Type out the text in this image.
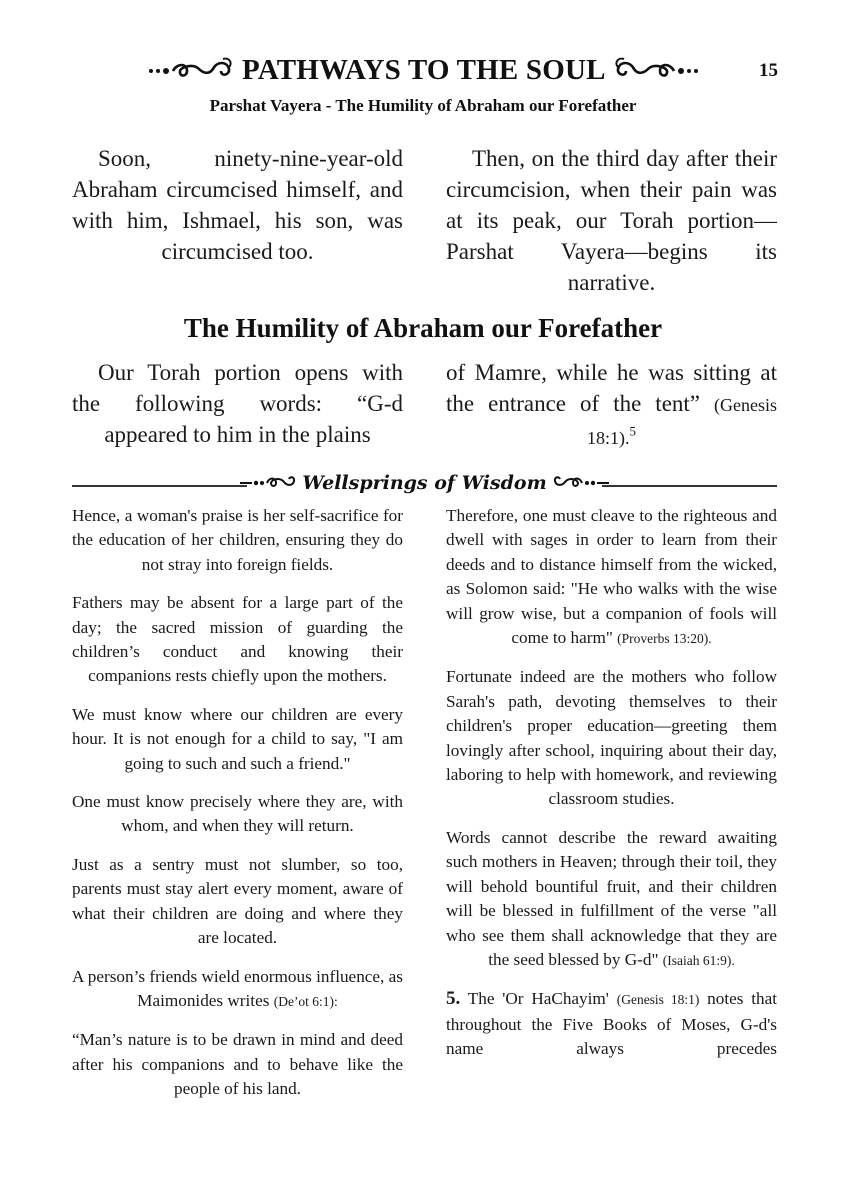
PATHWAYS TO THE SOUL	15
Parshat Vayera - The Humility of Abraham our Forefather
Soon, ninety-nine-year-old Abraham circumcised himself, and with him, Ishmael, his son, was circumcised too.
Then, on the third day after their circumcision, when their pain was at its peak, our Torah portion—Parshat Vayera—begins its narrative.
The Humility of Abraham our Forefather
Our Torah portion opens with the following words: “G-d appeared to him in the plains
of Mamre, while he was sitting at the entrance of the tent” (Genesis 18:1).$^5$
Wellsprings of Wisdom

Hence, a woman's praise is her self-sacrifice for the education of her children, ensuring they do not stray into foreign fields.

Fathers may be absent for a large part of the day; the sacred mission of guarding the children’s conduct and knowing their companions rests chiefly upon the mothers.

We must know where our children are every hour. It is not enough for a child to say, "I am going to such and such a friend."

One must know precisely where they are, with whom, and when they will return.

Just as a sentry must not slumber, so too, parents must stay alert every moment, aware of what their children are doing and where they are located.

A person’s friends wield enormous influence, as Maimonides writes (De’ot 6:1):

“Man’s nature is to be drawn in mind and deed after his companions and to behave like the people of his land.

Therefore, one must cleave to the righteous and dwell with sages in order to learn from their deeds and to distance himself from the wicked, as Solomon said: "He who walks with the wise will grow wise, but a companion of fools will come to harm" (Proverbs 13:20).

Fortunate indeed are the mothers who follow Sarah's path, devoting themselves to their children's proper education—greeting them lovingly after school, inquiring about their day, laboring to help with homework, and reviewing classroom studies.

Words cannot describe the reward awaiting such mothers in Heaven; through their toil, they will behold bountiful fruit, and their children will be blessed in fulfillment of the verse "all who see them shall acknowledge that they are the seed blessed by G-d" (Isaiah 61:9).

5. The 'Or HaChayim' (Genesis 18:1) notes that throughout the Five Books of Moses, G-d's name always precedes
